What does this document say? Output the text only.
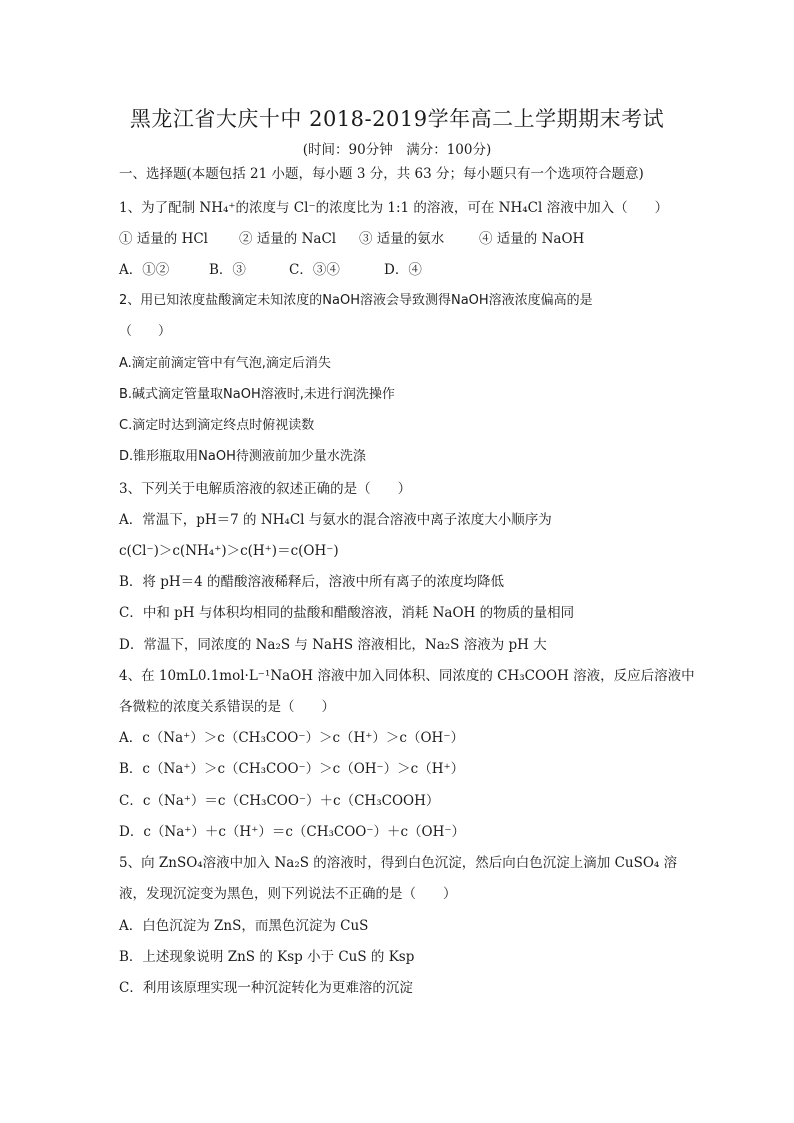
黑龙江省大庆十中 2018-2019学年高二上学期期末考试
(时间：90分钟　满分：100分)
一、选择题(本题包括 21 小题，每小题 3 分，共 63 分；每小题只有一个选项符合题意)
1、为了配制 NH₄⁺的浓度与 Cl⁻的浓度比为 1:1 的溶液，可在 NH₄Cl 溶液中加入（　　）
① 适量的 HCl ② 适量的 NaCl ③ 适量的氨水	④ 适量的 NaOH
A．①②	B．③	C．③④	D．④
2、用已知浓度盐酸滴定未知浓度的NaOH溶液会导致测得NaOH溶液浓度偏高的是
（　　）
A.滴定前滴定管中有气泡,滴定后消失
B.碱式滴定管量取NaOH溶液时,未进行润洗操作
C.滴定时达到滴定终点时俯视读数
D.锥形瓶取用NaOH待测液前加少量水洗涤
3、下列关于电解质溶液的叙述正确的是（　　）
A．常温下，pH＝7 的 NH₄Cl 与氨水的混合溶液中离子浓度大小顺序为
c(Cl⁻)＞c(NH₄⁺)＞c(H⁺)＝c(OH⁻)
B．将 pH＝4 的醋酸溶液稀释后，溶液中所有离子的浓度均降低
C．中和 pH 与体积均相同的盐酸和醋酸溶液，消耗 NaOH 的物质的量相同
D．常温下，同浓度的 Na₂S 与 NaHS 溶液相比，Na₂S 溶液为 pH 大
4、在 10mL0.1mol·L⁻¹NaOH 溶液中加入同体积、同浓度的 CH₃COOH 溶液，反应后溶液中
各微粒的浓度关系错误的是（　　）
A．c（Na⁺）＞c（CH₃COO⁻）＞c（H⁺）＞c（OH⁻）
B．c（Na⁺）＞c（CH₃COO⁻）＞c（OH⁻）＞c（H⁺）
C．c（Na⁺）＝c（CH₃COO⁻）＋c（CH₃COOH）
D．c（Na⁺）＋c（H⁺）＝c（CH₃COO⁻）＋c（OH⁻）
5、向 ZnSO₄溶液中加入 Na₂S 的溶液时，得到白色沉淀，然后向白色沉淀上滴加 CuSO₄ 溶
液，发现沉淀变为黑色，则下列说法不正确的是（　　）
A．白色沉淀为 ZnS，而黑色沉淀为 CuS
B．上述现象说明 ZnS 的 Ksp 小于 CuS 的 Ksp
C．利用该原理实现一种沉淀转化为更难溶的沉淀
